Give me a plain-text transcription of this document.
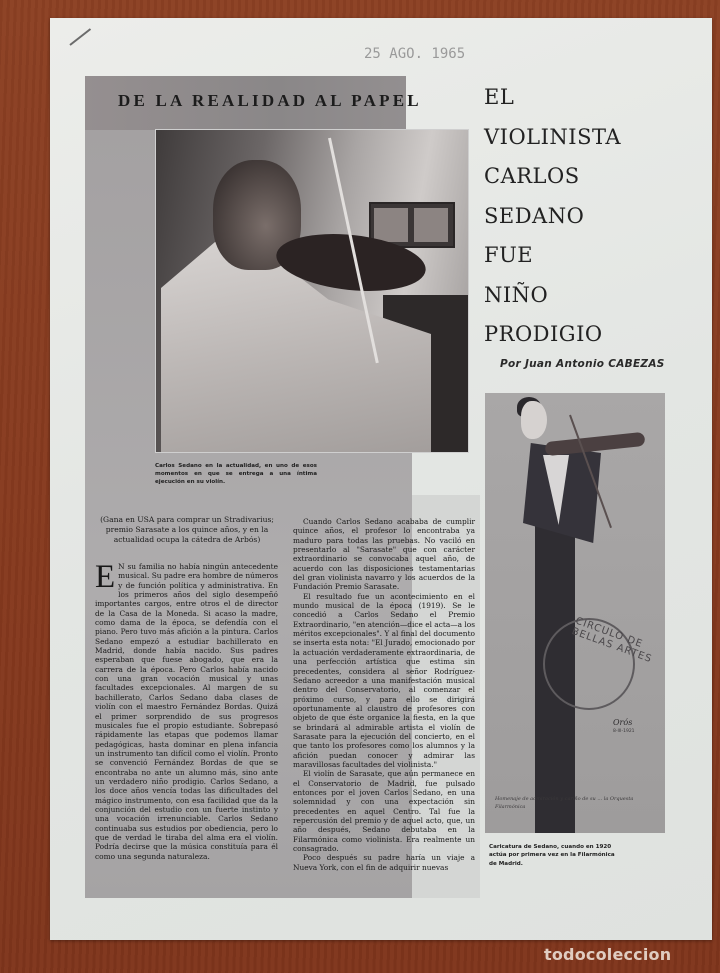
25 AGO. 1965
DE LA REALIDAD AL PAPEL	EL
VIOLINISTA
CARLOS
SEDANO
FUE
NIÑO
PRODIGIO
Por Juan Antonio CABEZAS

Carlos Sedano en la actualidad, en uno de esos momentos en que se entrega a una íntima ejecución en su violín.

(Gana en USA para comprar un Stradivarius; premio Sarasate a los quince años, y en la actualidad ocupa la cátedra de Arbós)

E N su familia no había ningún antecedente musical. Su padre era hombre de números y de función política y administrativa. En los primeros años del siglo desempeñó importantes cargos, entre otros el de director de la Casa de la Moneda. Si acaso la madre, como dama de la época, se defendía con el piano. Pero tuvo más afición a la pintura. Carlos Sedano empezó a estudiar bachillerato en Madrid, donde había nacido. Sus padres esperaban que fuese abogado, que era la carrera de la época. Pero Carlos había nacido con una gran vocación musical y unas facultades excepcionales. Al margen de su bachillerato, Carlos Sedano daba clases de violín con el maestro Fernández Bordas. Quizá el primer sorprendido de sus progresos musicales fue el propio estudiante. Sobrepasó rápidamente las etapas que podemos llamar pedagógicas, hasta dominar en plena infancia un instrumento tan difícil como el violín. Pronto se convenció Fernández Bordas de que se encontraba no ante un alumno más, sino ante un verdadero niño prodigio. Carlos Sedano, a los doce años vencía todas las dificultades del mágico instrumento, con esa facilidad que da la conjunción del estudio con un fuerte instinto y una vocación irrenunciable. Carlos Sedano continuaba sus estudios por obediencia, pero lo que de verdad le tiraba del alma era el violín. Podría decirse que la música constituía para él como una segunda naturaleza.

Cuando Carlos Sedano acababa de cumplir quince años, el profesor lo encontraba ya maduro para todas las pruebas. No vaciló en presentarlo al "Sarasate" que con carácter extraordinario se convocaba aquel año, de acuerdo con las disposiciones testamentarias del gran violinista navarro y los acuerdos de la Fundación Premio Sarasate.

El resultado fue un acontecimiento en el mundo musical de la época (1919). Se le concedió a Carlos Sedano el Premio Extraordinario, "en atención—dice el acta—a los méritos excepcionales". Y al final del documento se inserta esta nota: "El Jurado, emocionado por la actuación verdaderamente extraordinaria, de una perfección artística que estima sin precedentes, considera al señor Rodríguez-Sedano acreedor a una manifestación musical dentro del Conservatorio, al comenzar el próximo curso, y para ello se dirigirá oportunamente al claustro de profesores con objeto de que éste organice la fiesta, en la que se brindará al admirable artista el violín de Sarasate para la ejecución del concierto, en el que tanto los profesores como los alumnos y la afición puedan conocer y admirar las maravillosas facultades del violinista."

El violín de Sarasate, que aún permanece en el Conservatorio de Madrid, fue pulsado entonces por el joven Carlos Sedano, en una solemnidad y con una expectación sin precedentes en aquel Centro. Tal fue la repercusión del premio y de aquel acto, que, un año después, Sedano debutaba en la Filarmónica como violinista. Era realmente un consagrado.

Poco después su padre haría un viaje a Nueva York, con el fin de adquirir nuevas

CIRCULO DE BELLAS ARTES
Orós
8-III-1921
Homenaje de admiración y cariño de su ... la Orquesta Filarmónica

Caricatura de Sedano, cuando en 1920 actúa por primera vez en la Filarmónica de Madrid.

todocoleccion
